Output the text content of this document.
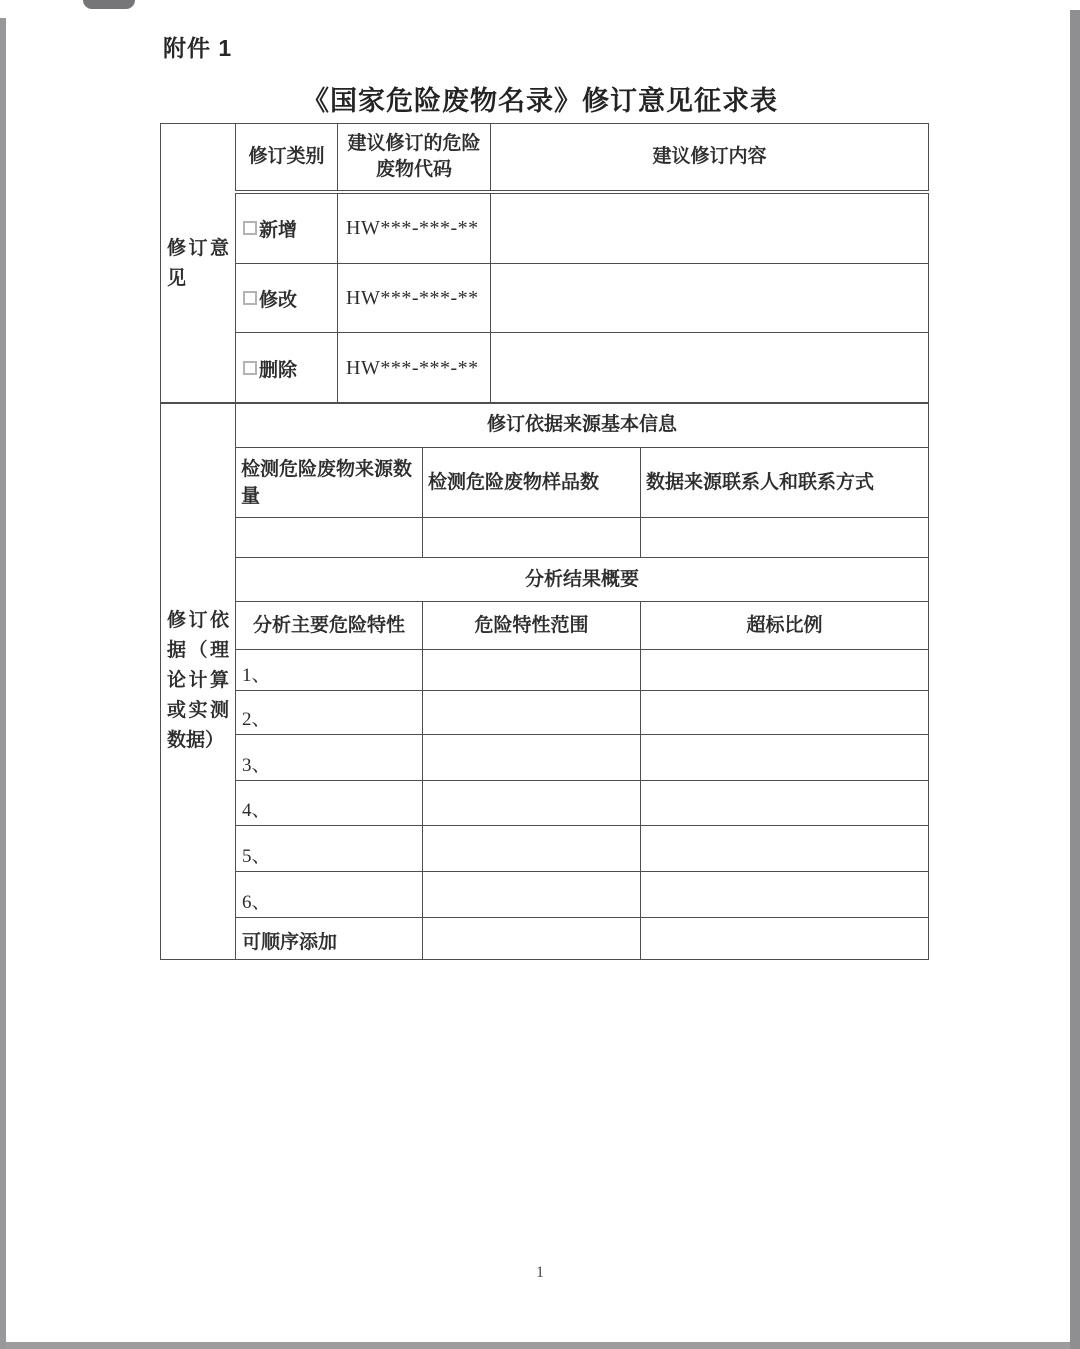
附件 1
《国家危险废物名录》修订意见征求表
修订意见	修订类别	建议修订的危险废物代码	建议修订内容
	新增	HW***-***-**	
	修改	HW***-***-**	
	删除	HW***-***-**	
修订依据（理论计算或实测数据）	修订依据来源基本信息		
	检测危险废物来源数量	检测危险废物样品数	数据来源联系人和联系方式

	分析结果概要		
	分析主要危险特性	危险特性范围	超标比例
	1、		
	2、		
	3、		
	4、		
	5、		
	6、		
	可顺序添加		
1
